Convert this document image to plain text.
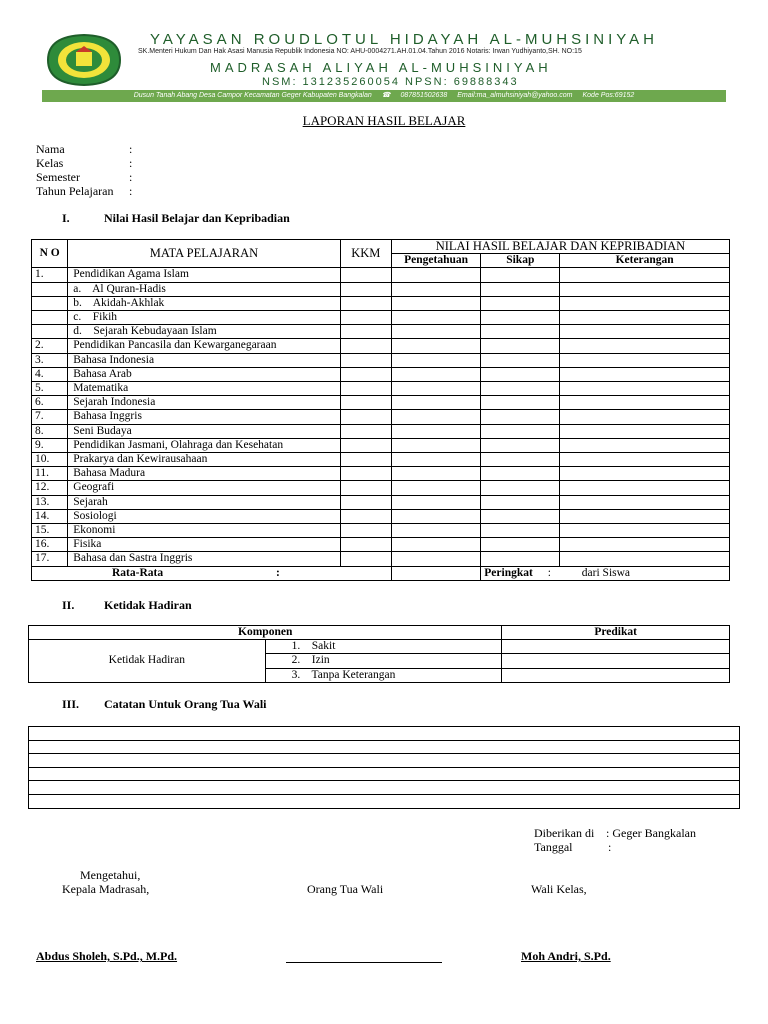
YAYASAN ROUDLOTUL HIDAYAH AL-MUHSINIYAH
SK.Menteri Hukum Dan Hak Asasi Manusia Republik Indonesia NO: AHU-0004271.AH.01.04.Tahun 2016 Notaris: Irwan Yudhiyanto,SH. NO:15
MADRASAH ALIYAH AL-MUHSINIYAH
NSM: 131235260054 NPSN: 69888343
Dusun Tanah Abang Desa Campor Kecamatan Geger Kabupaten Bangkalan ☎ 087851502638 Email:ma_almuhsiniyah@yahoo.com Kode Pos:69152
LAPORAN HASIL BELAJAR
Nama	:
Kelas	:
Semester	:
Tahun Pelajaran :
I.	Nilai Hasil Belajar dan Kepribadian
N O	MATA PELAJARAN	KKM	NILAI HASIL BELAJAR DAN KEPRIBADIAN		
			Pengetahuan	Sikap	Keterangan
1.	Pendidikan Agama Islam				
	a.    Al Quran-Hadis				
	b.    Akidah-Akhlak				
	c.    Fikih				
	d.    Sejarah Kebudayaan Islam				
2.	Pendidikan Pancasila dan Kewarganegaraan				
3.	Bahasa Indonesia				
4.	Bahasa Arab				
5.	Matematika				
6.	Sejarah Indonesia				
7.	Bahasa Inggris				
8.	Seni Budaya				
9.	Pendidikan Jasmani, Olahraga dan Kesehatan				
10.	Prakarya dan Kewirausahaan				
11.	Bahasa Madura				
12.	Geografi				
13.	Sejarah				
14.	Sosiologi				
15.	Ekonomi				
16.	Fisika				
17.	Bahasa dan Sastra Inggris				
Rata-Rata :				Peringkat : dari Siswa	
II. Ketidak Hadiran
Komponen		Predikat
Ketidak Hadiran	1.    Sakit	
	2.    Izin	
	3.    Tanpa Keterangan	
III. Catatan Untuk Orang Tua Wali

Diberikan di : Geger Bangkalan
Tanggal	:
Mengetahui,
Kepala Madrasah,	Orang Tua Wali	Wali Kelas,
Abdus Sholeh, S.Pd., M.Pd.	Moh Andri, S.Pd.
